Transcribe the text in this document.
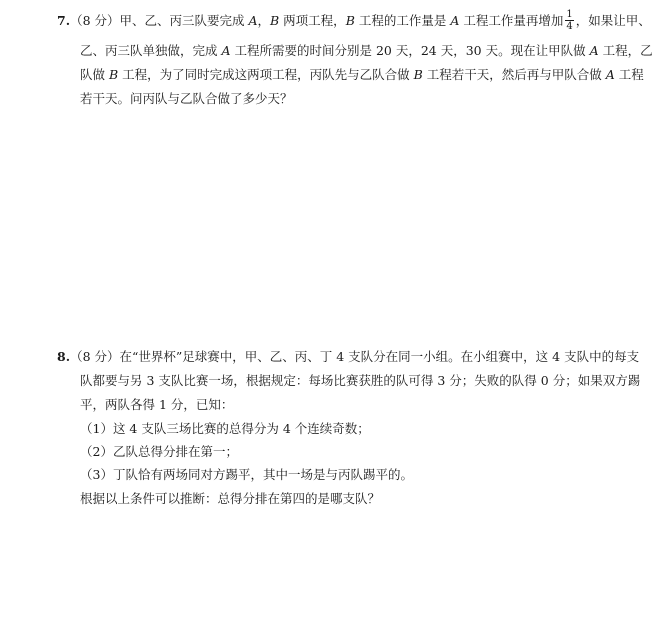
7.（8 分）甲、乙、丙三队要完成 A，B 两项工程，B 工程的工作量是 A 工程工作量再增加 $\frac{1}{4}$ ，如果让甲、
乙、丙三队单独做，完成 A 工程所需要的时间分别是 20 天，24 天，30 天。现在让甲队做 A 工程，乙
队做 B 工程，为了同时完成这两项工程，丙队先与乙队合做 B 工程若干天，然后再与甲队合做 A 工程
若干天。问丙队与乙队合做了多少天？
8.（8 分）在“世界杯”足球赛中，甲、乙、丙、丁 4 支队分在同一小组。在小组赛中，这 4 支队中的每支
队都要与另 3 支队比赛一场，根据规定：每场比赛获胜的队可得 3 分；失败的队得 0 分；如果双方踢
平，两队各得 1 分，已知：
（1）这 4 支队三场比赛的总得分为 4 个连续奇数；
（2）乙队总得分排在第一；
（3）丁队恰有两场同对方踢平，其中一场是与丙队踢平的。
根据以上条件可以推断：总得分排在第四的是哪支队？
